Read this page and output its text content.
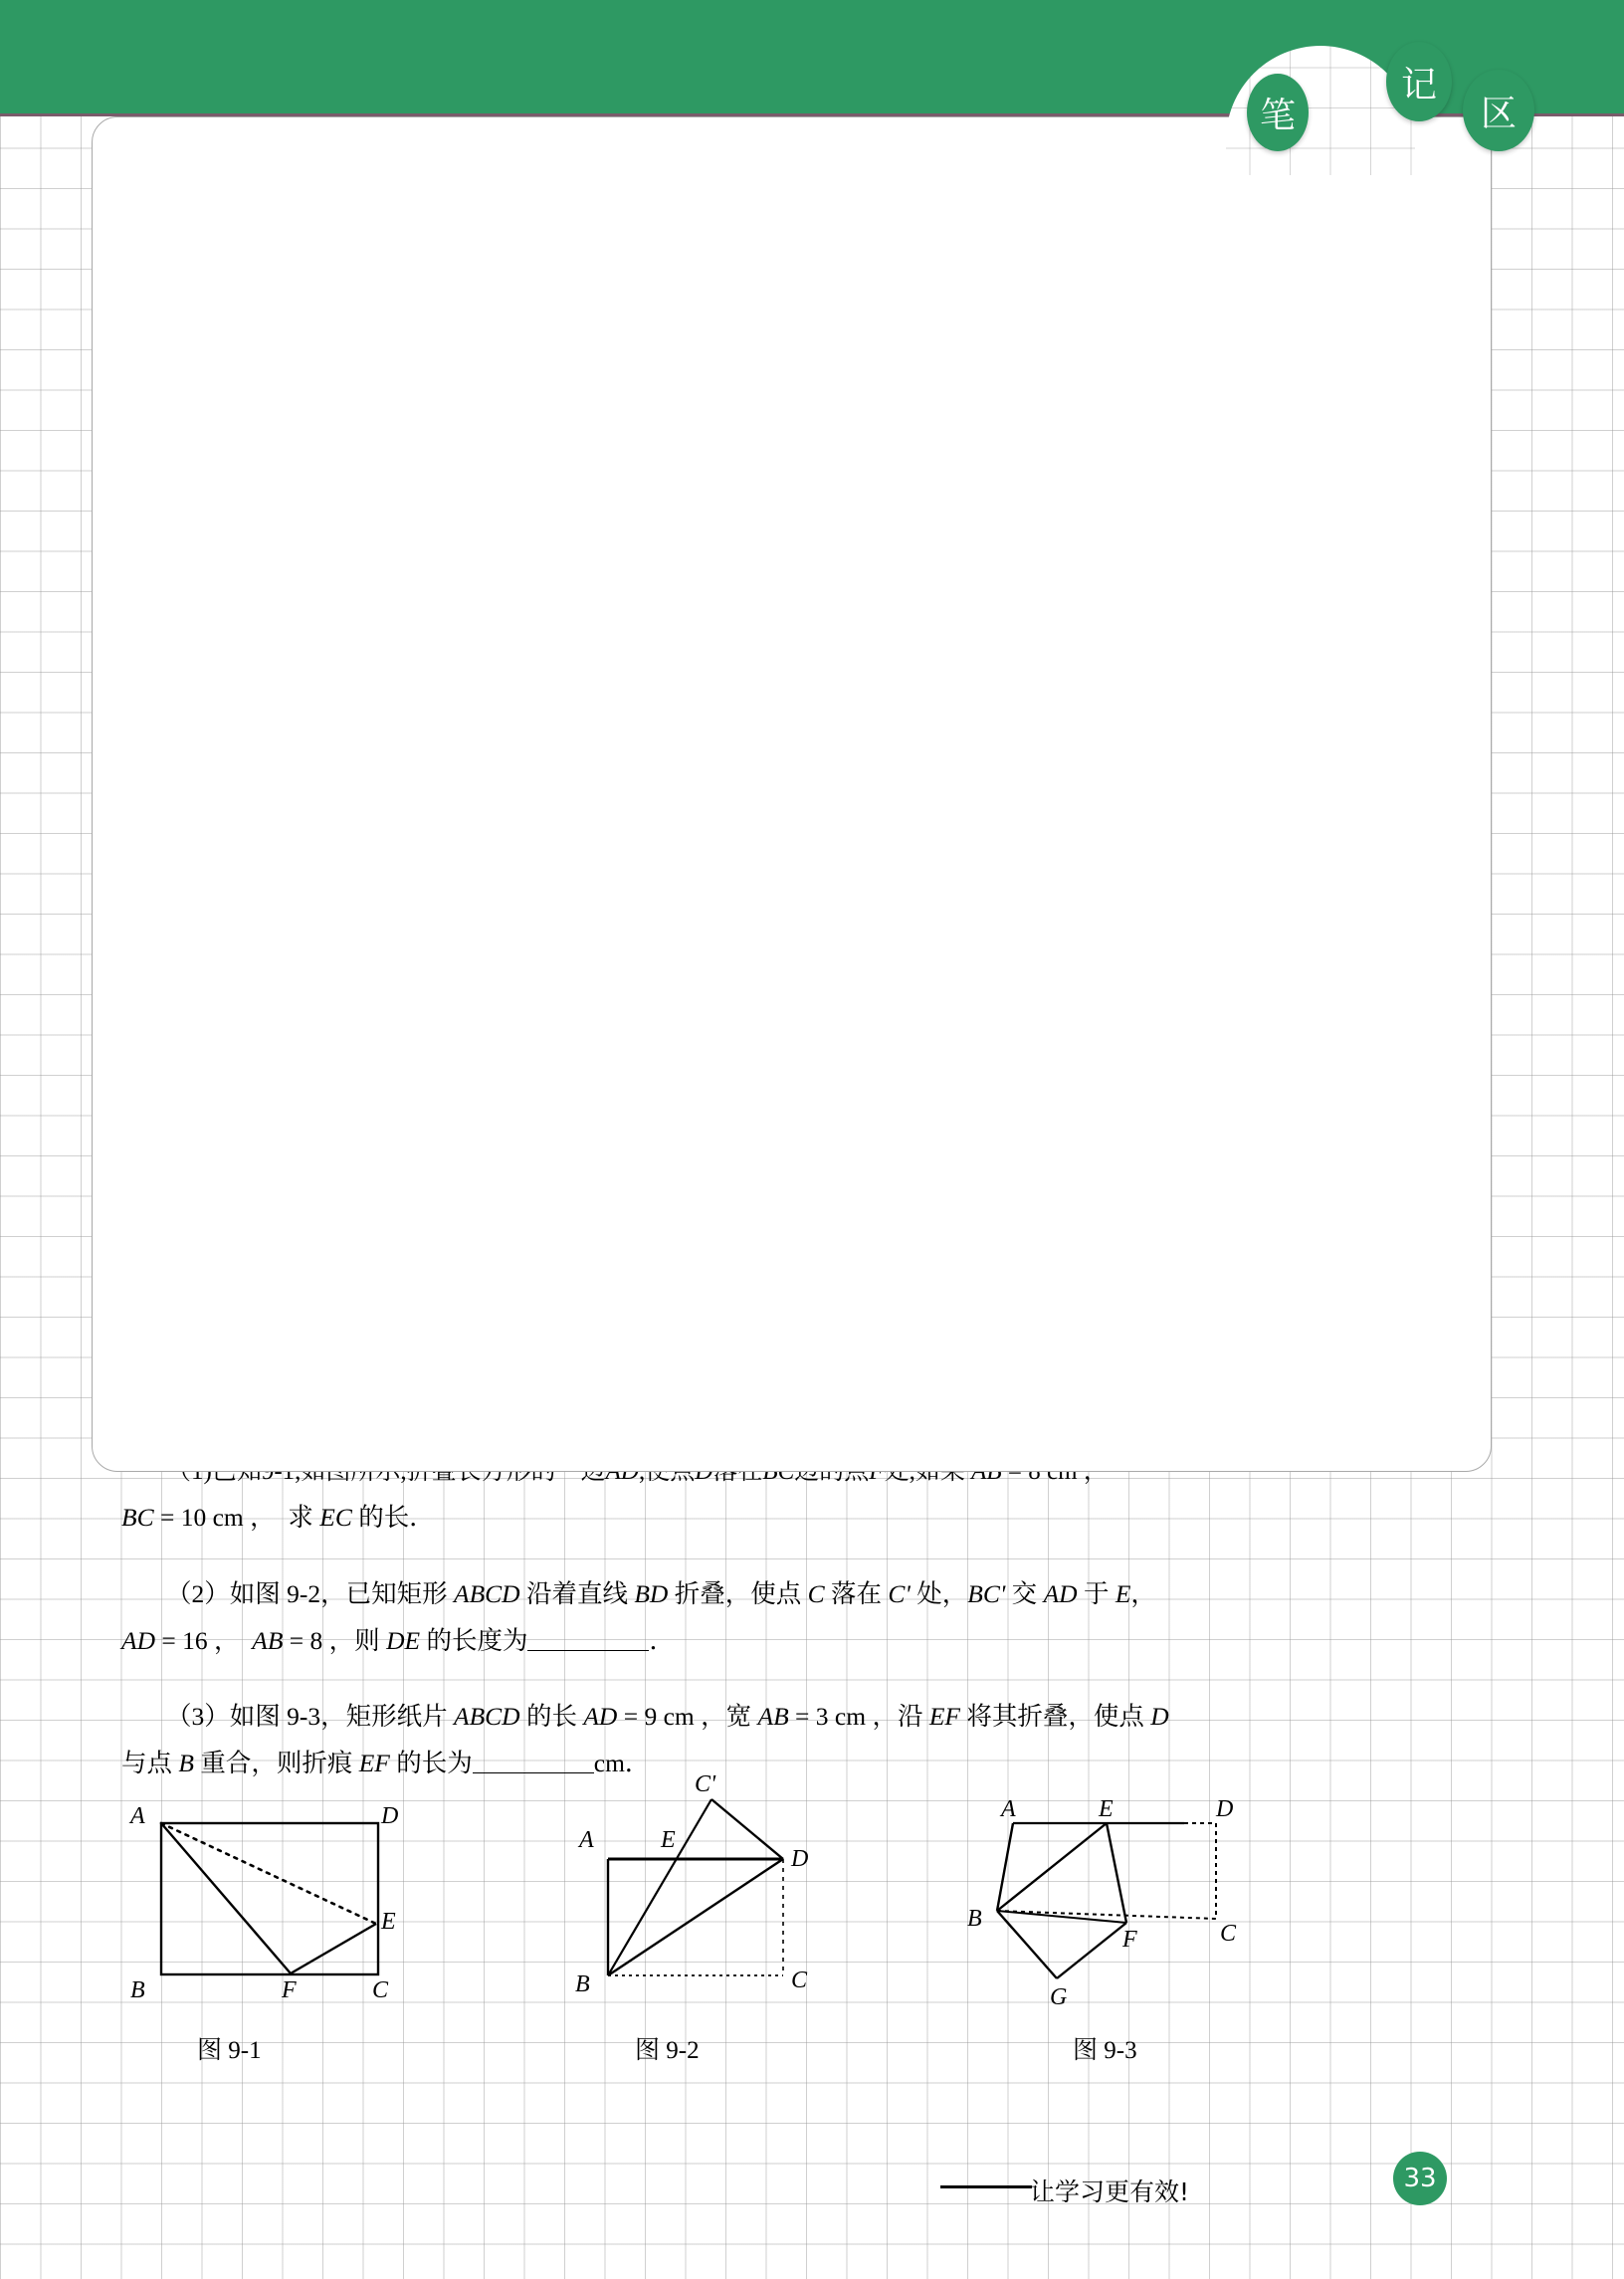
笔
记
区

√ √
√
√
√
√
√
√
√
BC = 10 cm ，  求 EC 的长．
（2）如图 9-2，已知矩形 ABCD 沿着直线 BD 折叠，使点 C 落在 C' 处，BC' 交 AD 于 E，
AD = 16 ，  AB = 8 ，则 DE 的长度为	．
（3）如图 9-3，矩形纸片 ABCD 的长 AD = 9 cm ，宽 AB = 3 cm ，沿 EF 将其折叠，使点 D
与点 B 重合，则折痕 EF 的长为	cm．
A	D
B	F	C
E
图 9-1
C'
A	E
D
B	C
图 9-2
A	E	D
B
F	C
G
图 9-3
让学习更有效!	33
